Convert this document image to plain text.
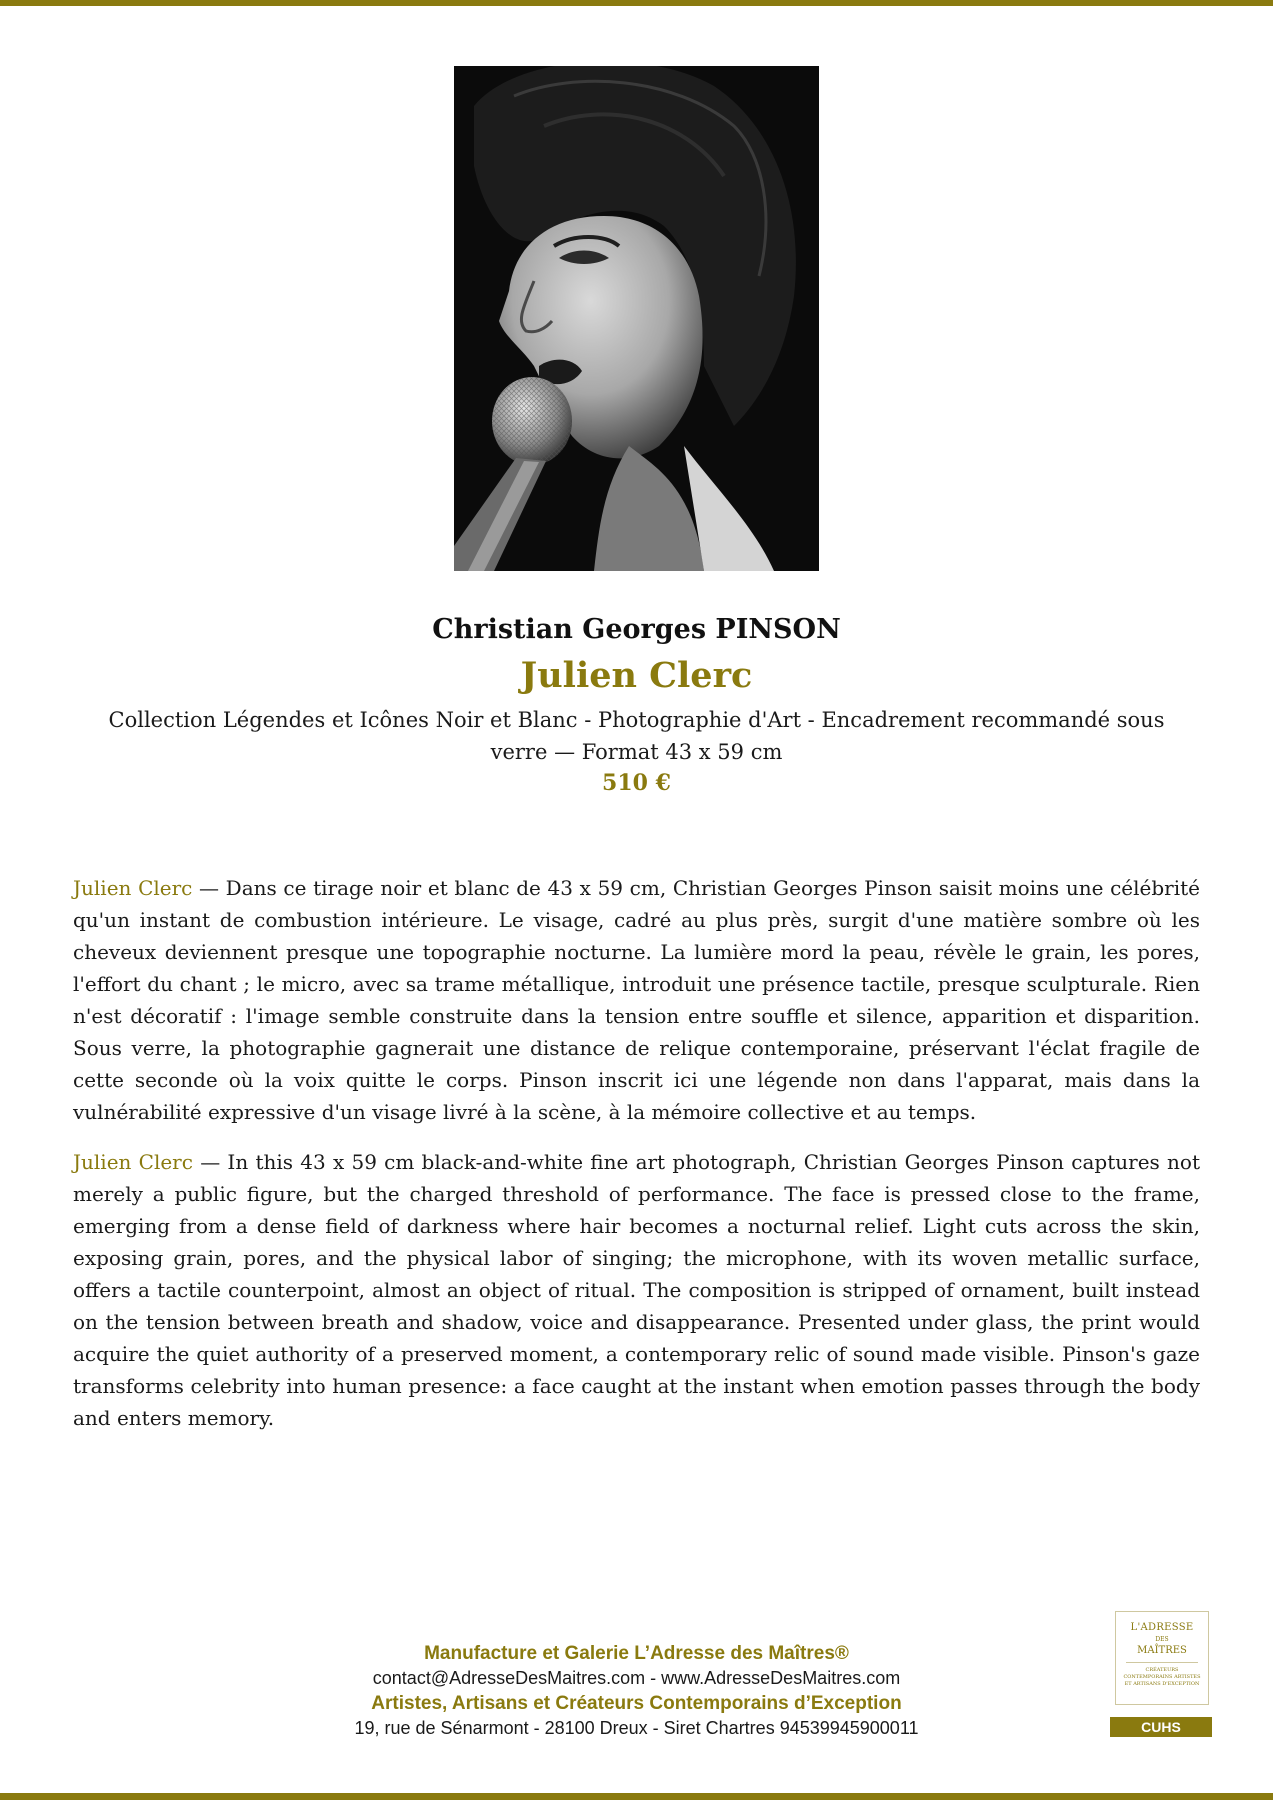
Christian Georges PINSON
Julien Clerc
Collection Légendes et Icônes Noir et Blanc - Photographie d'Art - Encadrement recommandé sous verre — Format 43 x 59 cm
510 €

Julien Clerc — Dans ce tirage noir et blanc de 43 x 59 cm, Christian Georges Pinson saisit moins une célébrité qu'un instant de combustion intérieure. Le visage, cadré au plus près, surgit d'une matière sombre où les cheveux deviennent presque une topographie nocturne. La lumière mord la peau, révèle le grain, les pores, l'effort du chant ; le micro, avec sa trame métallique, introduit une présence tactile, presque sculpturale. Rien n'est décoratif : l'image semble construite dans la tension entre souffle et silence, apparition et disparition. Sous verre, la photographie gagnerait une distance de relique contemporaine, préservant l'éclat fragile de cette seconde où la voix quitte le corps. Pinson inscrit ici une légende non dans l'apparat, mais dans la vulnérabilité expressive d'un visage livré à la scène, à la mémoire collective et au temps.

Julien Clerc — In this 43 x 59 cm black-and-white fine art photograph, Christian Georges Pinson captures not merely a public figure, but the charged threshold of performance. The face is pressed close to the frame, emerging from a dense field of darkness where hair becomes a nocturnal relief. Light cuts across the skin, exposing grain, pores, and the physical labor of singing; the microphone, with its woven metallic surface, offers a tactile counterpoint, almost an object of ritual. The composition is stripped of ornament, built instead on the tension between breath and shadow, voice and disappearance. Presented under glass, the print would acquire the quiet authority of a preserved moment, a contemporary relic of sound made visible. Pinson's gaze transforms celebrity into human presence: a face caught at the instant when emotion passes through the body and enters memory.

Manufacture et Galerie L’Adresse des Maîtres®
contact@AdresseDesMaitres.com - www.AdresseDesMaitres.com
Artistes, Artisans et Créateurs Contemporains d’Exception
19, rue de Sénarmont - 28100 Dreux - Siret Chartres 94539945900011
L'ADRESSE
DES
MAÎTRES
CRÉATEURS CONTEMPORAINS ARTISTES ET ARTISANS D'EXCEPTION
CUHS
